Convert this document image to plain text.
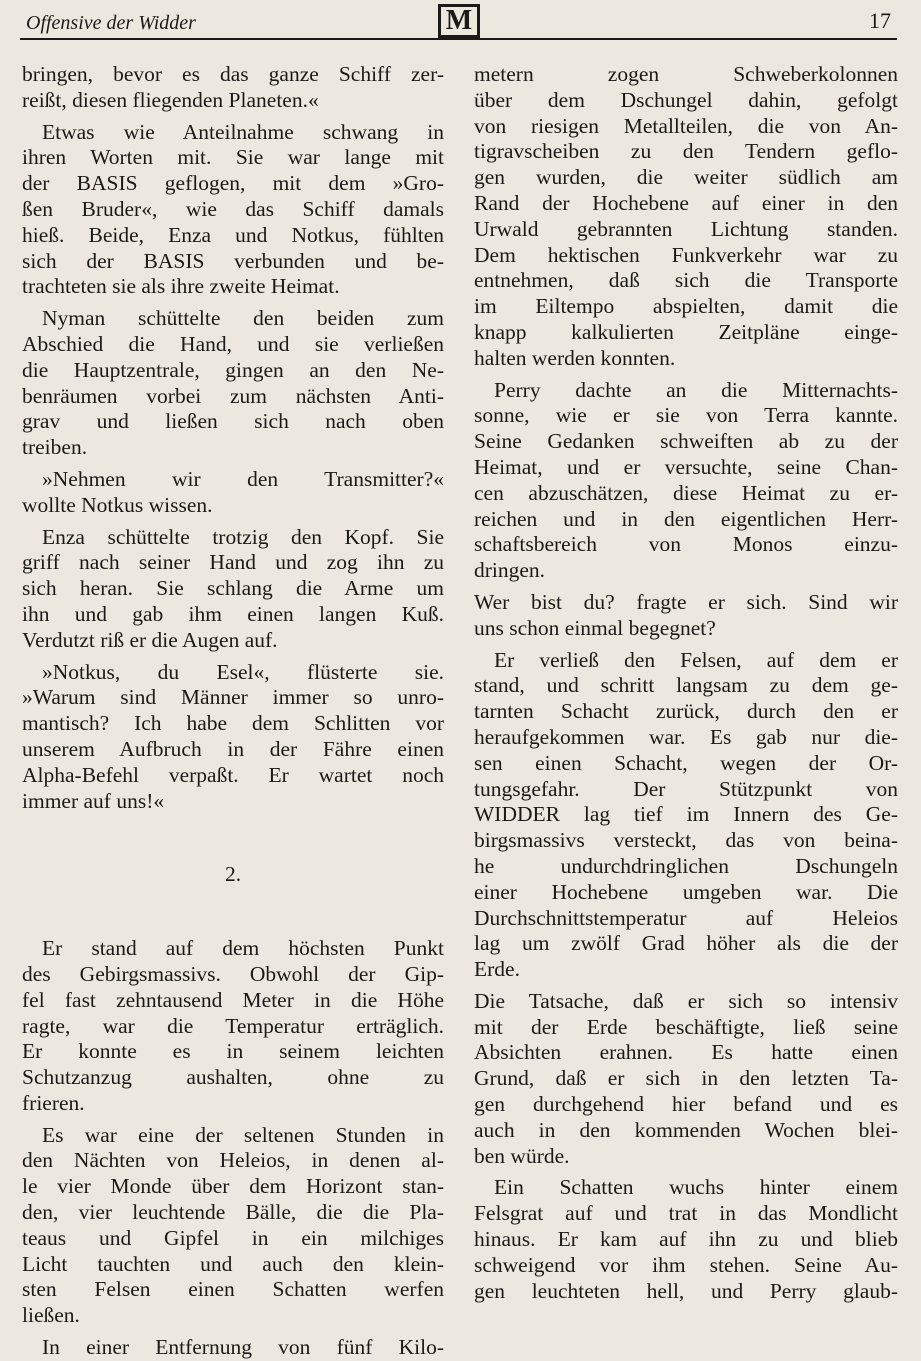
Offensive der Widder	M	17
bringen, bevor es das ganze Schiff zer-
reißt, diesen fliegenden Planeten.«
Etwas wie Anteilnahme schwang in
ihren Worten mit. Sie war lange mit
der BASIS geflogen, mit dem »Gro-
ßen Bruder«, wie das Schiff damals
hieß. Beide, Enza und Notkus, fühlten
sich der BASIS verbunden und be-
trachteten sie als ihre zweite Heimat.
Nyman schüttelte den beiden zum
Abschied die Hand, und sie verließen
die Hauptzentrale, gingen an den Ne-
benräumen vorbei zum nächsten Anti-
grav und ließen sich nach oben
treiben.
»Nehmen wir den Transmitter?«
wollte Notkus wissen.
Enza schüttelte trotzig den Kopf. Sie
griff nach seiner Hand und zog ihn zu
sich heran. Sie schlang die Arme um
ihn und gab ihm einen langen Kuß.
Verdutzt riß er die Augen auf.
»Notkus, du Esel«, flüsterte sie.
»Warum sind Männer immer so unro-
mantisch? Ich habe dem Schlitten vor
unserem Aufbruch in der Fähre einen
Alpha-Befehl verpaßt. Er wartet noch
immer auf uns!«
2.
Er stand auf dem höchsten Punkt
des Gebirgsmassivs. Obwohl der Gip-
fel fast zehntausend Meter in die Höhe
ragte, war die Temperatur erträglich.
Er konnte es in seinem leichten
Schutzanzug aushalten, ohne zu
frieren.
Es war eine der seltenen Stunden in
den Nächten von Heleios, in denen al-
le vier Monde über dem Horizont stan-
den, vier leuchtende Bälle, die die Pla-
teaus und Gipfel in ein milchiges
Licht tauchten und auch den klein-
sten Felsen einen Schatten werfen
ließen.
In einer Entfernung von fünf Kilo-
metern zogen Schweberkolonnen
über dem Dschungel dahin, gefolgt
von riesigen Metallteilen, die von An-
tigravscheiben zu den Tendern geflo-
gen wurden, die weiter südlich am
Rand der Hochebene auf einer in den
Urwald gebrannten Lichtung standen.
Dem hektischen Funkverkehr war zu
entnehmen, daß sich die Transporte
im Eiltempo abspielten, damit die
knapp kalkulierten Zeitpläne einge-
halten werden konnten.
Perry dachte an die Mitternachts-
sonne, wie er sie von Terra kannte.
Seine Gedanken schweiften ab zu der
Heimat, und er versuchte, seine Chan-
cen abzuschätzen, diese Heimat zu er-
reichen und in den eigentlichen Herr-
schaftsbereich von Monos einzu-
dringen.
Wer bist du? fragte er sich. Sind wir
uns schon einmal begegnet?
Er verließ den Felsen, auf dem er
stand, und schritt langsam zu dem ge-
tarnten Schacht zurück, durch den er
heraufgekommen war. Es gab nur die-
sen einen Schacht, wegen der Or-
tungsgefahr. Der Stützpunkt von
WIDDER lag tief im Innern des Ge-
birgsmassivs versteckt, das von beina-
he undurchdringlichen Dschungeln
einer Hochebene umgeben war. Die
Durchschnittstemperatur auf Heleios
lag um zwölf Grad höher als die der
Erde.
Die Tatsache, daß er sich so intensiv
mit der Erde beschäftigte, ließ seine
Absichten erahnen. Es hatte einen
Grund, daß er sich in den letzten Ta-
gen durchgehend hier befand und es
auch in den kommenden Wochen blei-
ben würde.
Ein Schatten wuchs hinter einem
Felsgrat auf und trat in das Mondlicht
hinaus. Er kam auf ihn zu und blieb
schweigend vor ihm stehen. Seine Au-
gen leuchteten hell, und Perry glaub-
